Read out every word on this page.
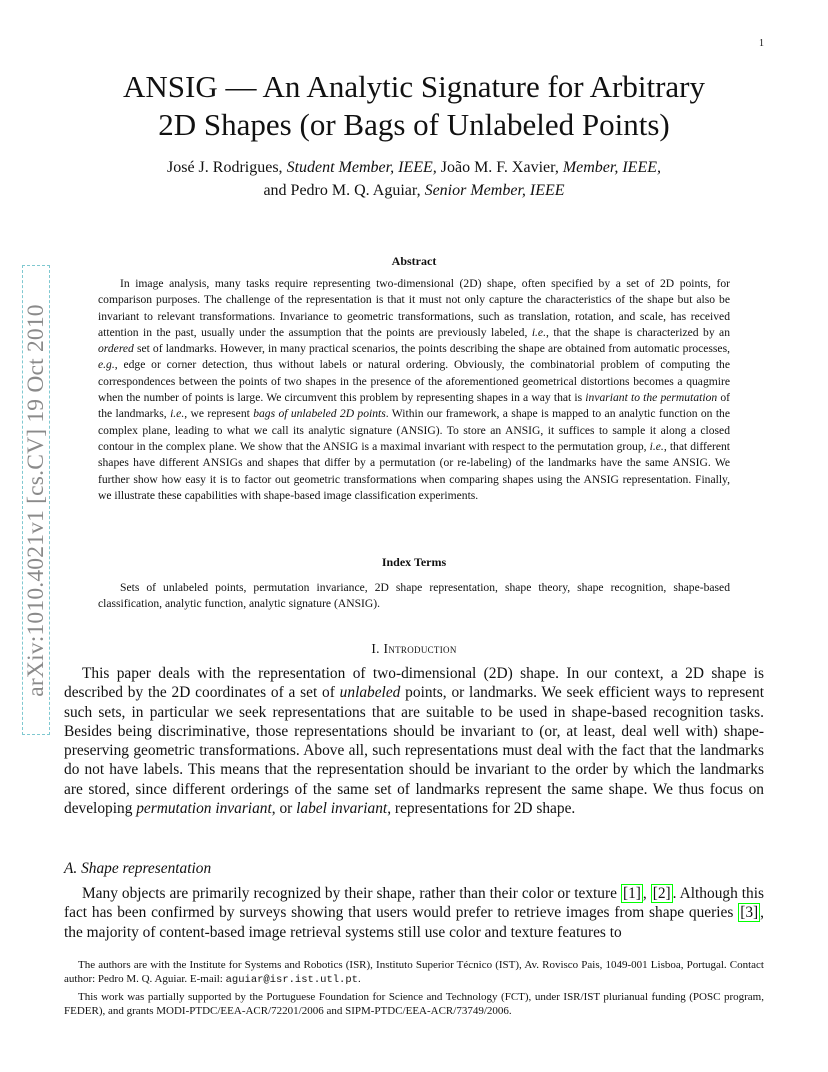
1
arXiv:1010.4021v1 [cs.CV] 19 Oct 2010
ANSIG — An Analytic Signature for Arbitrary
2D Shapes (or Bags of Unlabeled Points)
José J. Rodrigues, Student Member, IEEE, João M. F. Xavier, Member, IEEE,
and Pedro M. Q. Aguiar, Senior Member, IEEE
Abstract

In image analysis, many tasks require representing two-dimensional (2D) shape, often specified by a set of 2D points, for comparison purposes. The challenge of the representation is that it must not only capture the characteristics of the shape but also be invariant to relevant transformations. Invariance to geometric transformations, such as translation, rotation, and scale, has received attention in the past, usually under the assumption that the points are previously labeled, i.e., that the shape is characterized by an ordered set of landmarks. However, in many practical scenarios, the points describing the shape are obtained from automatic processes, e.g., edge or corner detection, thus without labels or natural ordering. Obviously, the combinatorial problem of computing the correspondences between the points of two shapes in the presence of the aforementioned geometrical distortions becomes a quagmire when the number of points is large. We circumvent this problem by representing shapes in a way that is invariant to the permutation of the landmarks, i.e., we represent bags of unlabeled 2D points. Within our framework, a shape is mapped to an analytic function on the complex plane, leading to what we call its analytic signature (ANSIG). To store an ANSIG, it suffices to sample it along a closed contour in the complex plane. We show that the ANSIG is a maximal invariant with respect to the permutation group, i.e., that different shapes have different ANSIGs and shapes that differ by a permutation (or re-labeling) of the landmarks have the same ANSIG. We further show how easy it is to factor out geometric transformations when comparing shapes using the ANSIG representation. Finally, we illustrate these capabilities with shape-based image classification experiments.

Index Terms

Sets of unlabeled points, permutation invariance, 2D shape representation, shape theory, shape recognition, shape-based classification, analytic function, analytic signature (ANSIG).

I. Introduction

This paper deals with the representation of two-dimensional (2D) shape. In our context, a 2D shape is described by the 2D coordinates of a set of unlabeled points, or landmarks. We seek efficient ways to represent such sets, in particular we seek representations that are suitable to be used in shape-based recognition tasks. Besides being discriminative, those representations should be invariant to (or, at least, deal well with) shape-preserving geometric transformations. Above all, such representations must deal with the fact that the landmarks do not have labels. This means that the representation should be invariant to the order by which the landmarks are stored, since different orderings of the same set of landmarks represent the same shape. We thus focus on developing permutation invariant, or label invariant, representations for 2D shape.

A. Shape representation

Many objects are primarily recognized by their shape, rather than their color or texture [1] , [2] . Although this fact has been confirmed by surveys showing that users would prefer to retrieve images from shape queries [3] , the majority of content-based image retrieval systems still use color and texture features to

The authors are with the Institute for Systems and Robotics (ISR), Instituto Superior Técnico (IST), Av. Rovisco Pais, 1049-001 Lisboa, Portugal. Contact author: Pedro M. Q. Aguiar. E-mail: aguiar@isr.ist.utl.pt.

This work was partially supported by the Portuguese Foundation for Science and Technology (FCT), under ISR/IST plurianual funding (POSC program, FEDER), and grants MODI-PTDC/EEA-ACR/72201/2006 and SIPM-PTDC/EEA-ACR/73749/2006.
